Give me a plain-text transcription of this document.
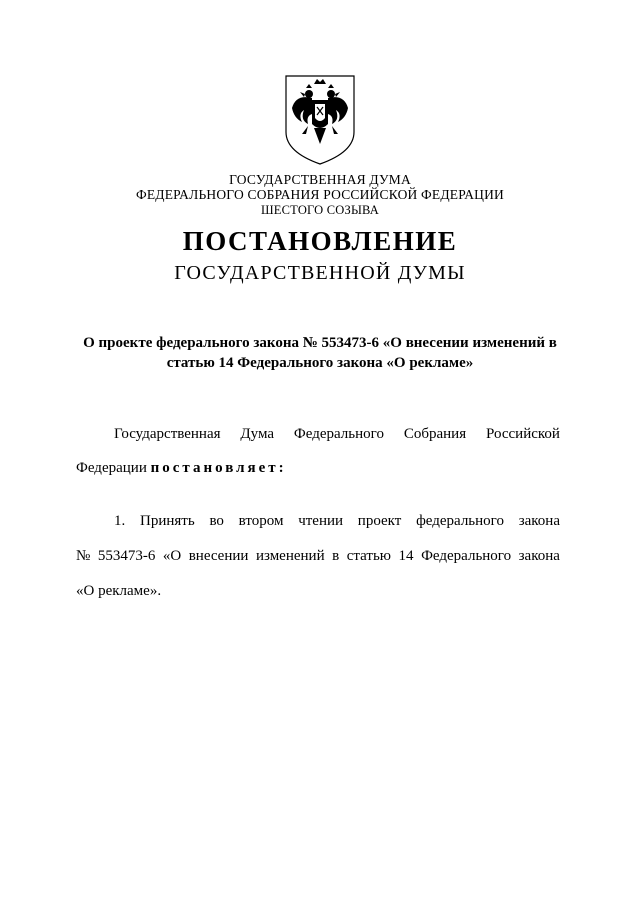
ГОСУДАРСТВЕННАЯ ДУМА
ФЕДЕРАЛЬНОГО СОБРАНИЯ РОССИЙСКОЙ ФЕДЕРАЦИИ
ШЕСТОГО СОЗЫВА
ПОСТАНОВЛЕНИЕ
ГОСУДАРСТВЕННОЙ ДУМЫ
О проекте федерального закона № 553473-6 «О внесении изменений в
статью 14 Федерального закона «О рекламе»
Государственная Дума Федерального Собрания Российской
Федерации постановляет:
1. Принять во втором чтении проект федерального закона
№ 553473-6 «О внесении изменений в статью 14 Федерального закона
«О рекламе».
